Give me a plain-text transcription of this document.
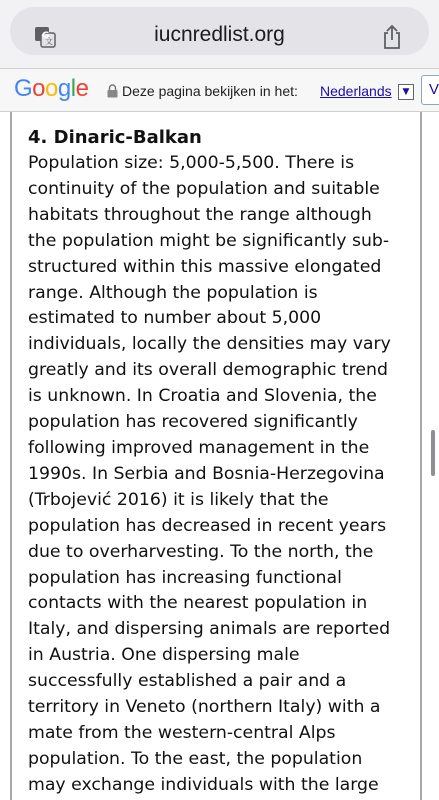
G
文	iucnredlist.org
Google Deze pagina bekijken in het: Nederlands	▼	V
4. Dinaric-Balkan
Population size: 5,000-5,500. There is
continuity of the population and suitable
habitats throughout the range although
the population might be significantly sub-
structured within this massive elongated
range. Although the population is
estimated to number about 5,000
individuals, locally the densities may vary
greatly and its overall demographic trend
is unknown. In Croatia and Slovenia, the
population has recovered significantly
following improved management in the
1990s. In Serbia and Bosnia-Herzegovina
(Trbojević 2016) it is likely that the
population has decreased in recent years
due to overharvesting. To the north, the
population has increasing functional
contacts with the nearest population in
Italy, and dispersing animals are reported
in Austria. One dispersing male
successfully established a pair and a
territory in Veneto (northern Italy) with a
mate from the western-central Alps
population. To the east, the population
may exchange individuals with the large
